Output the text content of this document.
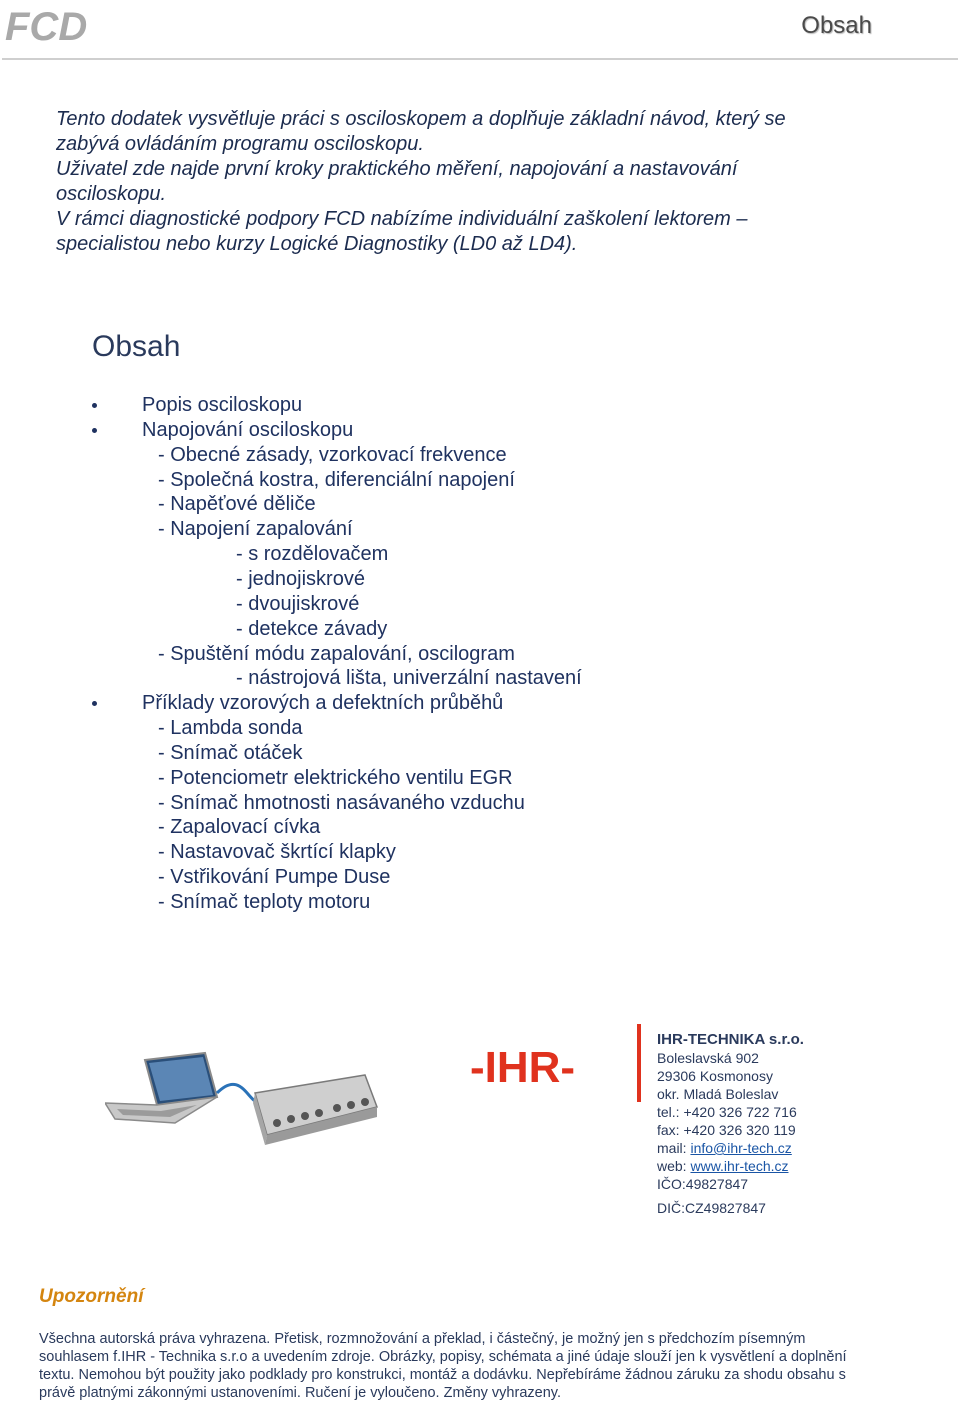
FCD	Obsah

Tento dodatek vysvětluje práci s osciloskopem a doplňuje základní návod, který se

zabývá ovládáním programu osciloskopu.

Uživatel zde najde první kroky praktického měření, napojování a nastavování

osciloskopu.

V rámci diagnostické podpory FCD nabízíme individuální zaškolení lektorem –

specialistou nebo kurzy Logické Diagnostiky (LD0 až LD4).

Obsah
Popis osciloskopu
Napojování osciloskopu
- Obecné zásady, vzorkovací frekvence
- Společná kostra, diferenciální napojení
- Napěťové děliče
- Napojení zapalování
- s rozdělovačem
- jednojiskrové
- dvoujiskrové
- detekce závady
- Spuštění módu zapalování, oscilogram
- nástrojová lišta, univerzální nastavení
Příklady vzorových a defektních průběhů
- Lambda sonda
- Snímač otáček
- Potenciometr elektrického ventilu EGR
- Snímač hmotnosti nasávaného vzduchu
- Zapalovací cívka
- Nastavovač škrtící klapky
- Vstřikování Pumpe Duse
- Snímač teploty motoru
-IHR-
IHR-TECHNIKA s.r.o.
Boleslavská 902
29306 Kosmonosy
okr. Mladá Boleslav
tel.: +420 326 722 716
fax: +420 326 320 119
mail: info@ihr-tech.cz
web: www.ihr-tech.cz
IČO:49827847
DIČ:CZ49827847
Upozornění
Všechna autorská práva vyhrazena. Přetisk, rozmnožování a překlad, i částečný, je možný jen s předchozím písemným
souhlasem f.IHR - Technika s.r.o a uvedením zdroje. Obrázky, popisy, schémata a jiné údaje slouží jen k vysvětlení a doplnění
textu. Nemohou být použity jako podklady pro konstrukci, montáž a dodávku. Nepřebíráme žádnou záruku za shodu obsahu s
právě platnými zákonnými ustanoveními. Ručení je vyloučeno. Změny vyhrazeny.
